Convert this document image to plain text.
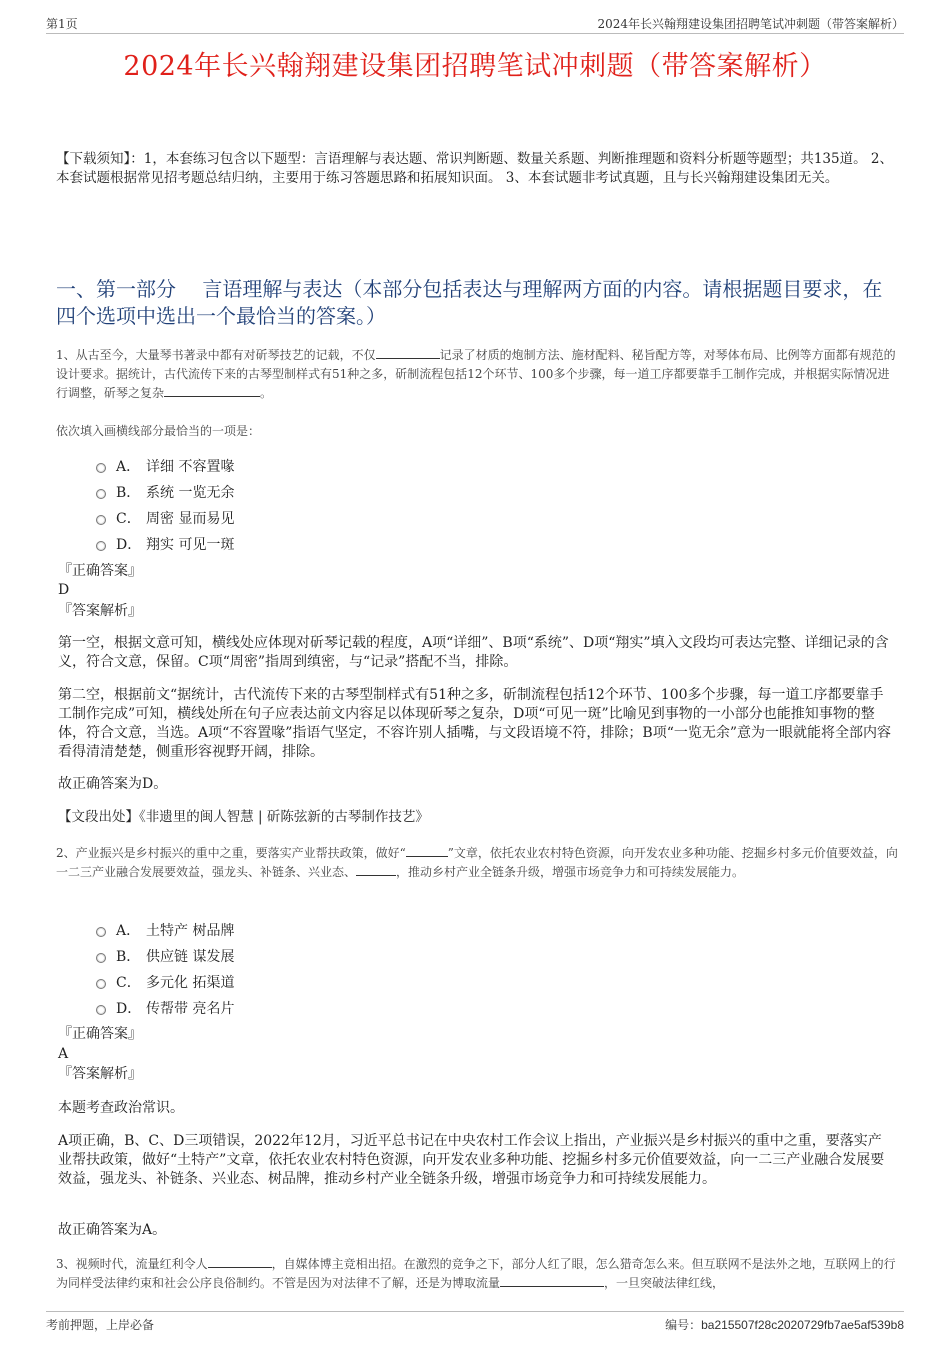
第1页	2024年长兴翰翔建设集团招聘笔试冲刺题（带答案解析）
2024年长兴翰翔建设集团招聘笔试冲刺题（带答案解析）
【下载须知】：1，本套练习包含以下题型：言语理解与表达题、常识判断题、数量关系题、判断推理题和资料分析题等题型；共135道。 2、本套试题根据常见招考题总结归纳，主要用于练习答题思路和拓展知识面。 3、本套试题非考试真题，且与长兴翰翔建设集团无关。
一、第一部分　 言语理解与表达（本部分包括表达与理解两方面的内容。请根据题目要求，在四个选项中选出一个最恰当的答案。）
1、从古至今，大量琴书著录中都有对斫琴技艺的记载，不仅	记录了材质的炮制方法、施材配料、秘旨配方等，对琴体布局、比例等方面都有规范的设计要求。据统计，古代流传下来的古琴型制样式有51种之多，斫制流程包括12个环节、100多个步骤，每一道工序都要靠手工制作完成，并根据实际情况进行调整，斫琴之复杂	。
依次填入画横线部分最恰当的一项是：
A． 详细 不容置喙
B． 系统 一览无余
C． 周密 显而易见
D． 翔实 可见一斑
『正确答案』
D
『答案解析』
第一空，根据文意可知，横线处应体现对斫琴记载的程度，A项“详细”、B项“系统”、D项“翔实”填入文段均可表达完整、详细记录的含义，符合文意，保留。C项“周密”指周到缜密，与“记录”搭配不当，排除。
第二空，根据前文“据统计，古代流传下来的古琴型制样式有51种之多，斫制流程包括12个环节、100多个步骤，每一道工序都要靠手工制作完成”可知，横线处所在句子应表达前文内容足以体现斫琴之复杂，D项“可见一斑”比喻见到事物的一小部分也能推知事物的整体，符合文意，当选。A项“不容置喙”指语气坚定，不容许别人插嘴，与文段语境不符，排除；B项“一览无余”意为一眼就能将全部内容看得清清楚楚，侧重形容视野开阔，排除。
故正确答案为D。
【文段出处】《非遗里的闽人智慧 | 斫陈弦新的古琴制作技艺》
2、产业振兴是乡村振兴的重中之重，要落实产业帮扶政策，做好“	”文章，依托农业农村特色资源，向开发农业多种功能、挖掘乡村多元价值要效益，向一二三产业融合发展要效益，强龙头、补链条、兴业态、	，推动乡村产业全链条升级，增强市场竞争力和可持续发展能力。
A． 土特产 树品牌
B． 供应链 谋发展
C． 多元化 拓渠道
D． 传帮带 亮名片
『正确答案』
A
『答案解析』
本题考查政治常识。
A项正确，B、C、D三项错误，2022年12月，习近平总书记在中央农村工作会议上指出，产业振兴是乡村振兴的重中之重，要落实产业帮扶政策，做好“土特产”文章，依托农业农村特色资源，向开发农业多种功能、挖掘乡村多元价值要效益，向一二三产业融合发展要效益，强龙头、补链条、兴业态、树品牌，推动乡村产业全链条升级，增强市场竞争力和可持续发展能力。
故正确答案为A。
3、视频时代，流量红利令人	，自媒体博主竞相出招。在激烈的竞争之下，部分人红了眼，怎么猎奇怎么来。但互联网不是法外之地，互联网上的行为同样受法律约束和社会公序良俗制约。不管是因为对法律不了解，还是为博取流量	，一旦突破法律红线，
考前押题，上岸必备	编号：ba215507f28c2020729fb7ae5af539b8
